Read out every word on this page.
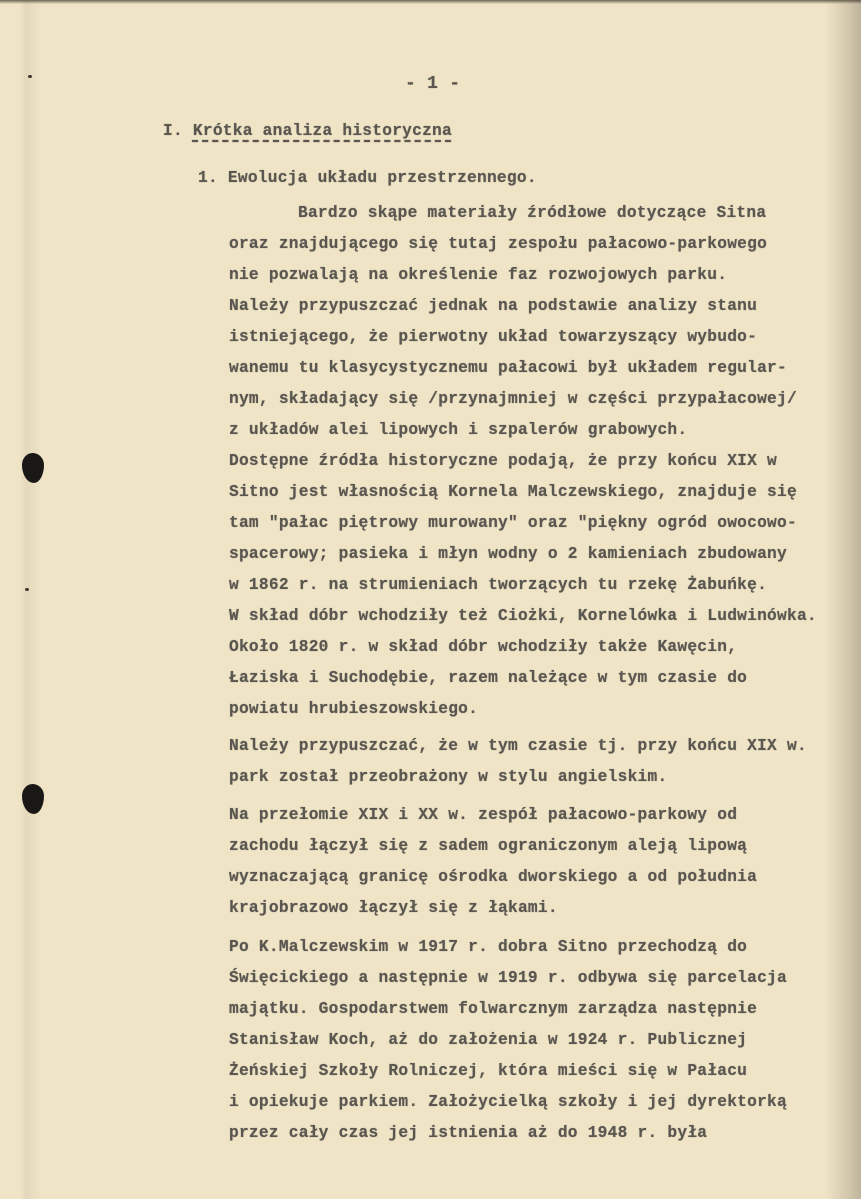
- 1 -
I. Krótka analiza historyczna
1. Ewolucja układu przestrzennego.
Bardzo skąpe materiały źródłowe dotyczące Sitna
oraz znajdującego się tutaj zespołu pałacowo-parkowego
nie pozwalają na określenie faz rozwojowych parku.
Należy przypuszczać jednak na podstawie analizy stanu
istniejącego, że pierwotny układ towarzyszący wybudo-
wanemu tu klasycystycznemu pałacowi był układem regular-
nym, składający się /przynajmniej w części przypałacowej/
z układów alei lipowych i szpalerów grabowych.
Dostępne źródła historyczne podają, że przy końcu XIX w
Sitno jest własnością Kornela Malczewskiego, znajduje się
tam "pałac piętrowy murowany" oraz "piękny ogród owocowo-
spacerowy; pasieka i młyn wodny o 2 kamieniach zbudowany
w 1862 r. na strumieniach tworzących tu rzekę Żabuńkę.
W skład dóbr wchodziły też Ciożki, Kornelówka i Ludwinówka.
Około 1820 r. w skład dóbr wchodziły także Kawęcin,
Łaziska i Suchodębie, razem należące w tym czasie do
powiatu hrubieszowskiego.
Należy przypuszczać, że w tym czasie tj. przy końcu XIX w.
park został przeobrażony w stylu angielskim.
Na przełomie XIX i XX w. zespół pałacowo-parkowy od
zachodu łączył się z sadem ograniczonym aleją lipową
wyznaczającą granicę ośrodka dworskiego a od południa
krajobrazowo łączył się z łąkami.
Po K.Malczewskim w 1917 r. dobra Sitno przechodzą do
Święcickiego a następnie w 1919 r. odbywa się parcelacja
majątku. Gospodarstwem folwarcznym zarządza następnie
Stanisław Koch, aż do założenia w 1924 r. Publicznej
Żeńskiej Szkoły Rolniczej, która mieści się w Pałacu
i opiekuje parkiem. Założycielką szkoły i jej dyrektorką
przez cały czas jej istnienia aż do 1948 r. była
